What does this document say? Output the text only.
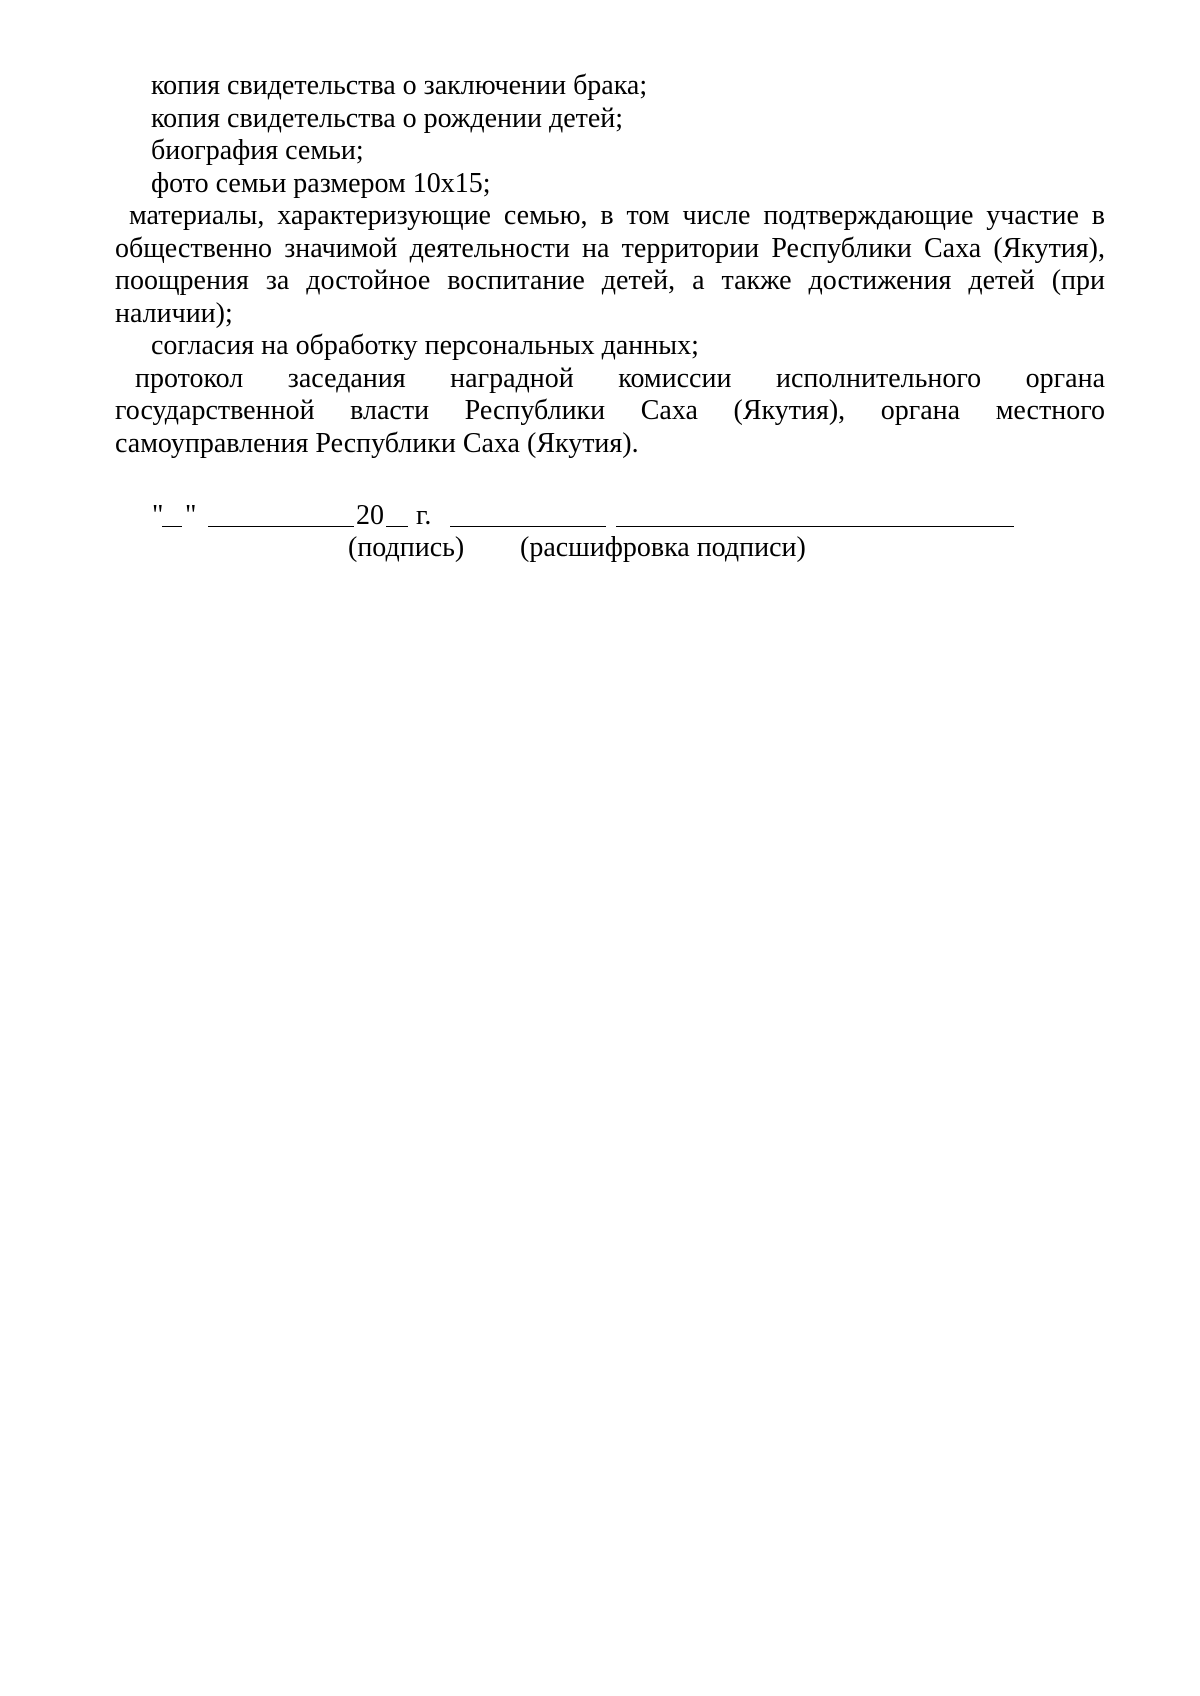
копия свидетельства о заключении брака;

копия свидетельства о рождении детей;

биография семьи;

фото семьи размером 10х15;

материалы, характеризующие семью, в том числе подтверждающие участие в общественно значимой деятельности на территории Республики Саха (Якутия), поощрения за достойное воспитание детей, а также достижения детей (при наличии);

согласия на обработку персональных данных;

протокол заседания наградной комиссии исполнительного органа государственной власти Республики Саха (Якутия), органа местного самоуправления Республики Саха (Якутия).

" "	20 г.
(подпись) (расшифровка подписи)
